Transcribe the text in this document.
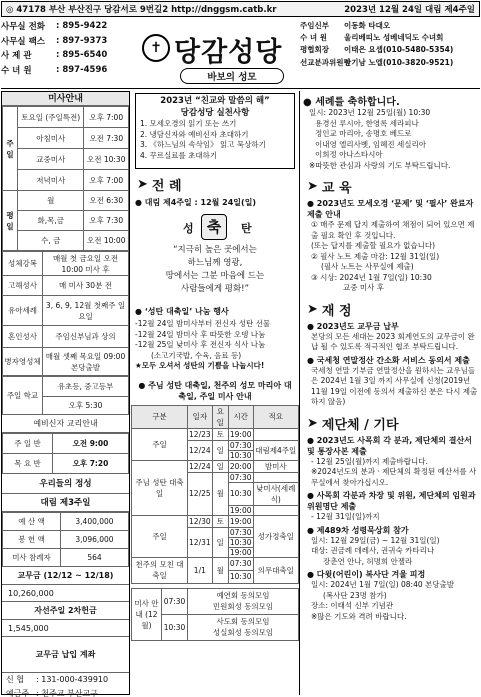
◎ 47178 부산 부산진구 당감서로 9번길2 http://dnggsm.catb.kr	2023년 12월 24일 대림 제4주일
사무실 전화	: 895-9422
사무실 팩스	: 897-9373
사 제 관	: 895-6540
수 녀 원	: 897-4596
✝ 당감성당
바보의 성모
주임신부	이동화 타대오
수 녀 원	울리베띠노 성베네딕도 수녀회
평협회장	이태은 요셉(010-5480-5354)
선교분과위원장
안기남 노엘(010-3820-9521)
미사안내
주일	토요일 (주일특전)	오후 7:00
	아침미사	오전 7:30
	교중미사	오전 10:30
	저녁미사	오후 7:00
평일	월	오전 6:30
	화,목,금	오후 7:30
	수, 금	오전 10:00
성체강복	매월 첫 금요일 오전 10:00 미사 후
고해성사	매 미사 30분 전
유아세례	3, 6, 9, 12월 첫째주 일요일
혼인성사	주임신부님과 상의
병자영성체	매월 셋째 목요일 09:00 본당출발
주일 학교	유초등, 중고등부
오후 5:30
예비신자 교리안내
주 일 반	오전 9:00
목 요 반	오후 7:20
우리들의 정성
대림 제3주일
예 산 액	3,400,000
봉 헌 액	3,096,000
미사 참례자	564
교무금 (12/12 ~ 12/18)
10,260,000
자선주일 2차헌금
1,545,000
교무금 납입 계좌
신 협	: 131-000-439910
예금주 : 천주교 부산교구
2023년 “친교와 말씀의 해”
당감성당 실천사항
1. 모세오경의 읽기 또는 쓰기
2. 냉담신자와 예비신자 초대하기
3. 《하느님의 속삭임》 읽고 묵상하기
4. 꾸르실료를 초대하기
➤ 전 례
● 대림 제4주일 : 12월 24일(일)
성 축	탄
“지극히 높은 곳에서는
하느님께 영광,
땅에서는 그분 마음에 드는
사람들에게 평화!”
● ‘성탄 대축일’ 나눔 행사
-12월 24일 밤미사부터 전신자 성탄 선물
-12월 24일 밤미사 후 따뜻한 오뎅 나눔
-12월 25일 낮미사 후 전신자 식사 나눔
(소고기국밥, 수육, 음료 등)
★모두 오셔서 성탄의 기쁨을 나눕시다!
● 주님 성탄 대축일, 천주의 성모 마리아 대축일, 주일 미사 안내
구분	일자	요일	시간	적요
주일	12/23	토	19:00	
	12/24	일	07:30	대림제4주일
			10:30	
주님 성탄 대축일	12/24	일	20:00	밤미사
	12/25	월	07:30	
			10:30	낮미사(세례식)
			19:00	
주일	12/30	토	19:00	성가정축일
	12/31	일	07:30	
			10:30	
			19:00	
천주의 모친 대축일	1/1	월	07:30	의무대축일
			10:30	
미사 안내 (12월)	07:30	예연회 동의모임
민원회성 동의모임

	10:30	사도회 동의모임
성실회성 동의모임
● 세례를 축하합니다.
일시: 2023년 12월 25일(월) 10:30
용경선 루시아, 한영록 세라피나
정인교 마리아, 송명호 베드로
이내영 엘리사벳, 임혜진 세실리아
이희정 아나스타시아
※따뜻한 관심과 사랑의 기도 부탁드립니다.
➤ 교 육
● 2023년도 모세오경 ‘문제’ 및 ‘필사’ 완료자 제출 안내
① 매주 문제 답지 제출하여 채점이 되어 있으면 제출 필요 확인 후 것입니다.
(또는 답지를 제출할 필요가 없습니다)
② 필사 노트 제출 마감: 12월 31일(일)
(필사 노트는 사무실에 제출)
③ 시상: 2024년 1월 7일(일) 10:30
교중 미사 후
➤ 재 정
● 2023년도 교무금 납부
본당의 모든 세대는 2023 회계연도의 교무금이 완납 될 수 있도록 적극적인 협조 부탁드립니다.
● 국세청 연말정산 간소화 서비스 동의서 제출
국세청 연말 기부금 연말정산을 원하시는 교우님들은 2024년 1월 3일 까지 사무실에 신청(2019년 11월 19일 이전에 동의서 제출하신 분은 다시 제출하지 않음)
➤ 제단체 / 기타
● 2023년도 사목회 각 분과, 제단체의 결산서 및 통장사본 제출
- 12월 25일(월)까지 제출바랍니다.
※2024년도의 분과 · 제단체의 확정된 예산서를 사무실에서 찾아가십시오.
● 사목회 각분과 차장 및 위원, 제단체의 임원과 위원명단 제출
- 12월 31일(일)까지
● 제489차 성령묵상회 참가
일시: 12월 29일(금) ~ 12월 31일(일)
대상: 권금례 데레사, 권귀숙 카타리나
장춘연 안나, 허명희 안젤라
● 다윗(어린이) 복사단 겨울 피정
일시: 2024년 1월 7일(일) 08:40 본당출발
(복사단 23명 참가)
장소: 이태석 신부 기념관
※많은 기도와 격려 바랍니다.
